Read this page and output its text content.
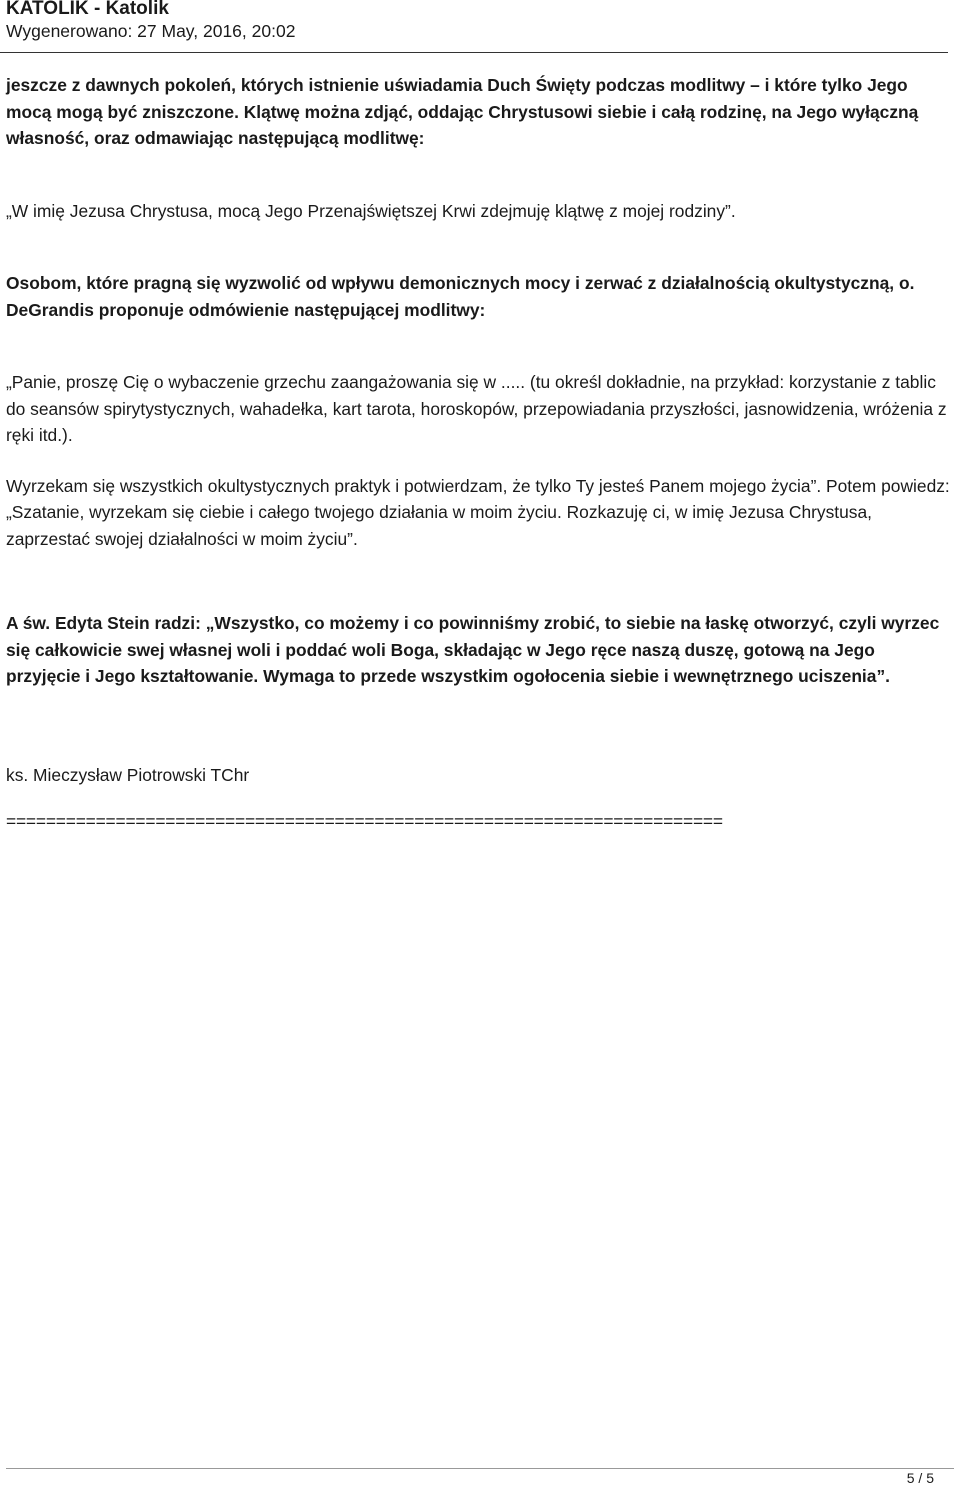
KATOLIK - Katolik
Wygenerowano: 27 May, 2016, 20:02

jeszcze z dawnych pokoleń, których istnienie uświadamia Duch Święty podczas modlitwy – i które tylko Jego mocą mogą być zniszczone. Klątwę można zdjąć, oddając Chrystusowi siebie i całą rodzinę, na Jego wyłączną własność, oraz odmawiając następującą modlitwę:

„W imię Jezusa Chrystusa, mocą Jego Przenajświętszej Krwi zdejmuję klątwę z mojej rodziny”.

Osobom, które pragną się wyzwolić od wpływu demonicznych mocy i zerwać z działalnością okultystyczną, o. DeGrandis proponuje odmówienie następującej modlitwy:

„Panie, proszę Cię o wybaczenie grzechu zaangażowania się w ..... (tu określ dokładnie, na przykład: korzystanie z tablic do seansów spirytystycznych, wahadełka, kart tarota, horoskopów, przepowiadania przyszłości, jasnowidzenia, wróżenia z ręki itd.).

Wyrzekam się wszystkich okultystycznych praktyk i potwierdzam, że tylko Ty jesteś Panem mojego życia”. Potem powiedz: „Szatanie, wyrzekam się ciebie i całego twojego działania w moim życiu. Rozkazuję ci, w imię Jezusa Chrystusa, zaprzestać swojej działalności w moim życiu”.

A św. Edyta Stein radzi: „Wszystko, co możemy i co powinniśmy zrobić, to siebie na łaskę otworzyć, czyli wyrzec się całkowicie swej własnej woli i poddać woli Boga, składając w Jego ręce naszą duszę, gotową na Jego przyjęcie i Jego kształtowanie. Wymaga to przede wszystkim ogołocenia siebie i wewnętrznego uciszenia”.

ks. Mieczysław Piotrowski TChr

========================================================================

5 / 5
